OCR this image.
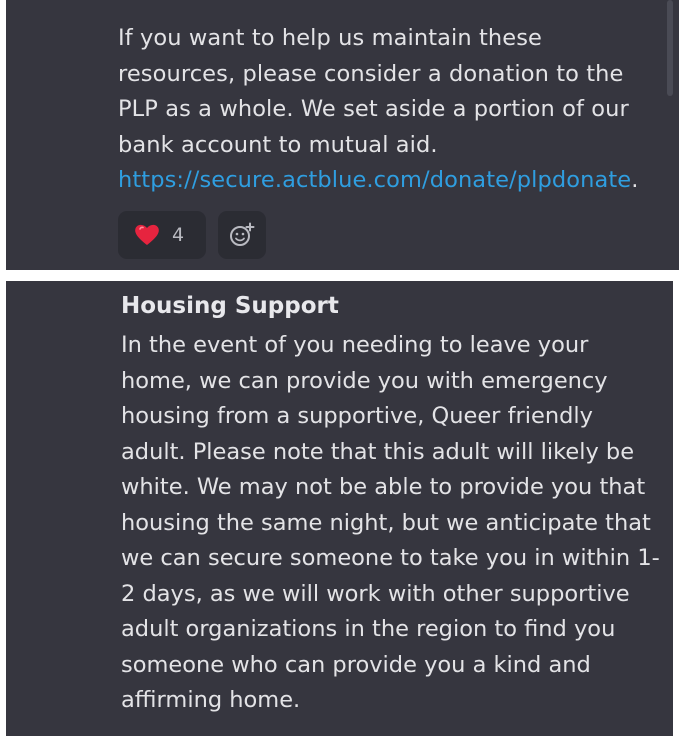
If you want to help us maintain these resources, please consider a donation to the PLP as a whole. We set aside a portion of our bank account to mutual aid. https://secure.actblue.com/donate/plpdonate.

4
Housing Support

In the event of you needing to leave your home, we can provide you with emergency housing from a supportive, Queer friendly adult. Please note that this adult will likely be white. We may not be able to provide you that housing the same night, but we anticipate that we can secure someone to take you in within 1-2 days, as we will work with other supportive adult organizations in the region to find you someone who can provide you a kind and affirming home.
